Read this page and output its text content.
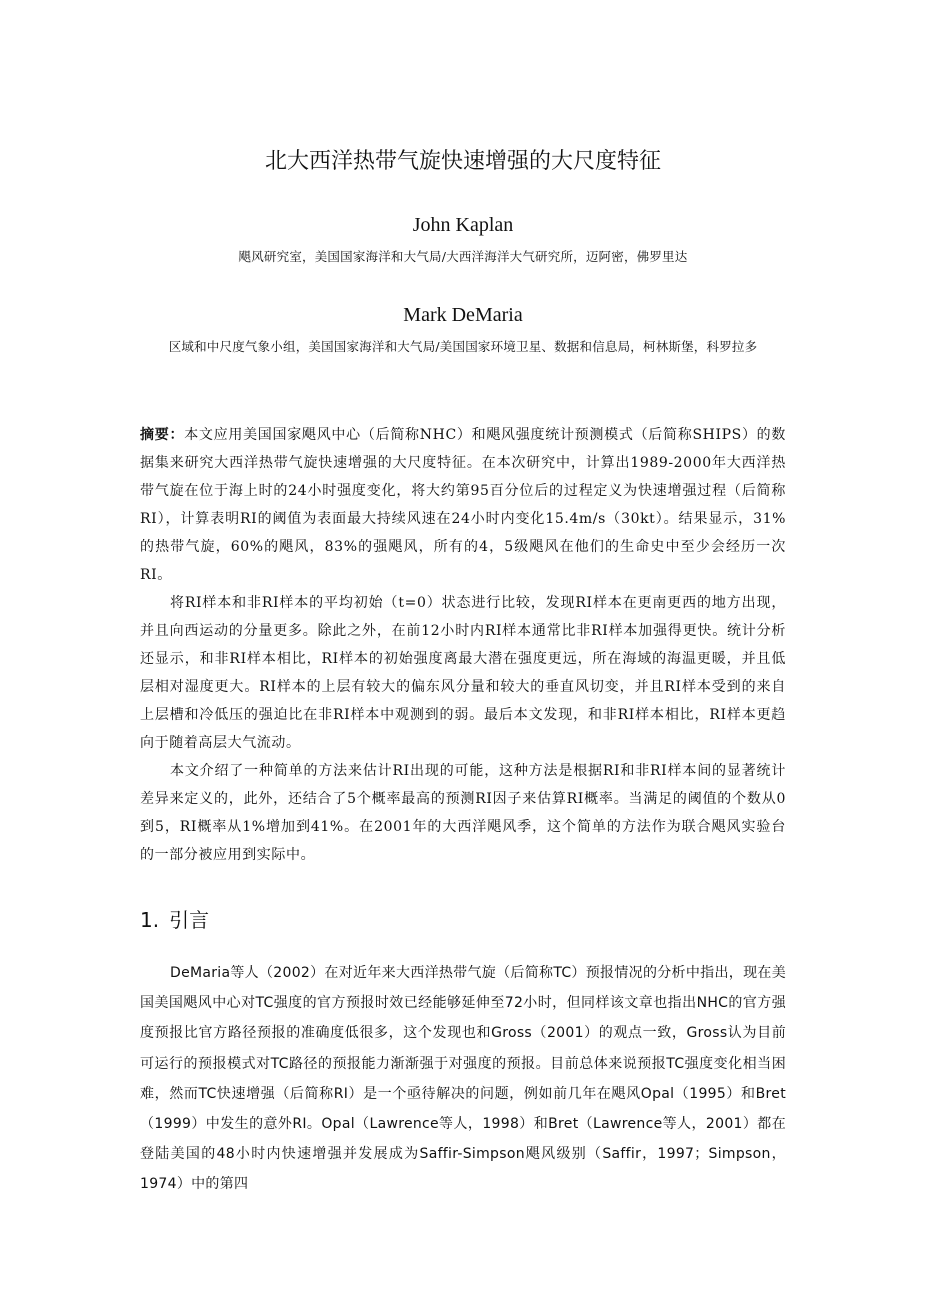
北大西洋热带气旋快速增强的大尺度特征
John Kaplan
飓风研究室，美国国家海洋和大气局/大西洋海洋大气研究所，迈阿密，佛罗里达
Mark DeMaria
区域和中尺度气象小组，美国国家海洋和大气局/美国国家环境卫星、数据和信息局，柯林斯堡，科罗拉多

摘要：本文应用美国国家飓风中心（后简称NHC）和飓风强度统计预测模式（后简称SHIPS）的数据集来研究大西洋热带气旋快速增强的大尺度特征。在本次研究中，计算出1989-2000年大西洋热带气旋在位于海上时的24小时强度变化，将大约第95百分位后的过程定义为快速增强过程（后简称RI），计算表明RI的阈值为表面最大持续风速在24小时内变化15.4m/s（30kt）。结果显示，31%的热带气旋，60%的飓风，83%的强飓风，所有的4，5级飓风在他们的生命史中至少会经历一次RI。

将RI样本和非RI样本的平均初始（t=0）状态进行比较，发现RI样本在更南更西的地方出现，并且向西运动的分量更多。除此之外，在前12小时内RI样本通常比非RI样本加强得更快。统计分析还显示，和非RI样本相比，RI样本的初始强度离最大潜在强度更远，所在海域的海温更暖，并且低层相对湿度更大。RI样本的上层有较大的偏东风分量和较大的垂直风切变，并且RI样本受到的来自上层槽和冷低压的强迫比在非RI样本中观测到的弱。最后本文发现，和非RI样本相比，RI样本更趋向于随着高层大气流动。

本文介绍了一种简单的方法来估计RI出现的可能，这种方法是根据RI和非RI样本间的显著统计差异来定义的，此外，还结合了5个概率最高的预测RI因子来估算RI概率。当满足的阈值的个数从0到5，RI概率从1%增加到41%。在2001年的大西洋飓风季，这个简单的方法作为联合飓风实验台的一部分被应用到实际中。

1. 引言

DeMaria等人（2002）在对近年来大西洋热带气旋（后简称TC）预报情况的分析中指出，现在美国美国飓风中心对TC强度的官方预报时效已经能够延伸至72小时，但同样该文章也指出NHC的官方强度预报比官方路径预报的准确度低很多，这个发现也和Gross（2001）的观点一致，Gross认为目前可运行的预报模式对TC路径的预报能力渐渐强于对强度的预报。目前总体来说预报TC强度变化相当困难，然而TC快速增强（后简称RI）是一个亟待解决的问题，例如前几年在飓风Opal（1995）和Bret（1999）中发生的意外RI。Opal（Lawrence等人，1998）和Bret（Lawrence等人，2001）都在登陆美国的48小时内快速增强并发展成为Saffir-Simpson飓风级别（Saffir，1997；Simpson，1974）中的第四
